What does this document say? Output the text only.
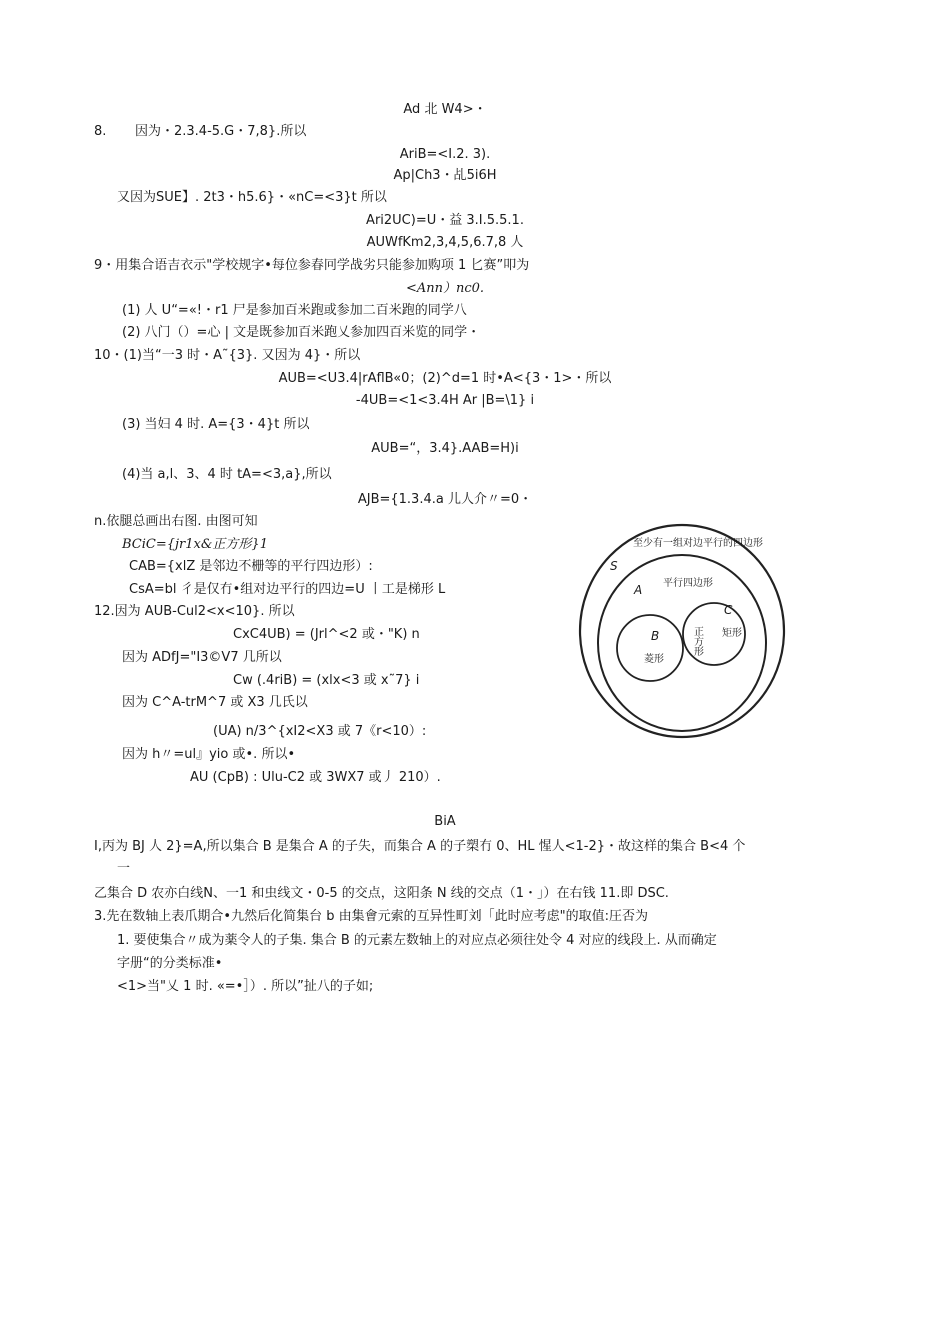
Ad 北 W4>・
8. 因为・2.3.4-5.G・7,8}.所以
AriB=<I.2. 3).
Ap|Ch3・乩5i6H
又因为SUE】. 2t3・h5.6}・«nC=<3}t 所以
Ari2UC)=U・益 3.I.5.5.1.
AUWfKm2,3,4,5,6.7,8 人
9・用集合语吉衣示"学校规字•每位参春冋学战劣只能参加购项 1 匕赛”叩为
<Ann）nc0.
(1) 人 U“=«!・r1 尸是参加百米跑或参加二百米跑的同学八
(2) 八门（）=心 | 文是既参加百米跑乂参加四百米览的同学・
10・(1)当“一3 时・A˜{3}. 又因为 4}・所以
AUB=<U3.4|rAflB«0；(2)^d=1 时•A<{3・1>・所以
-4UB=<1<3.4H Ar |B=\1} i
(3) 当妇 4 时. A={3・4}t 所以
AUB=“，3.4}.AAB=H)i
(4)当 a,l、3、4 时 tA=<3,a},所以
AJB={1.3.4.a 儿人介〃=0・
n.依腿总画出右图. 由图可知
BCiC={jr1x&正方形}1
CAB={xlZ 是邻边不栅等的平行四边形）:
CsA=bl 彳是仅冇•组对边平行的四边=U 丨工是梯形 L
12.因为 AUB-Cul2<x<10}. 所以
CxC4UB) = (Jrl^<2 或・"K) n
因为 ADfJ="I3©V7 几所以
Cw (.4riB) = (xlx<3 或 x˜7} i
因为 C^A-trM^7 或 X3 几氏以
(UA) n/3^{xI2<X3 或 7《r<10）:
因为 h〃=ul』yio 或•. 所以•
AU (CpB) : Ulu-C2 或 3WX7 或丿 210）.
BiA
I,丙为 BJ 人 2}=A,所以集合 B 是集合 A 的子失，而集合 A 的子槊冇 0、HL 惺人<1-2}・故这样的集合 B<4 个
一
乙集合 D 农亦白线N、一1 和虫线文・0-5 的交点，这阳条 N 线的交点（1・」）在右钱 11.即 DSC.
3.先在数轴上表爪期合•九然后化简集台 b 由集會元索的互异性町刘「此时应考虑"的取值:圧否为
1. 要使集合〃成为薬令人的子集. 集合 B 的元素左数轴上的对应点必须往处令 4 对应的线段上. 从而确定
字册“的分类标准•
<1>当"乂 1 时. «=•］）. 所以”扯八的子如;
至少有一组对边平行的四边形
S
平行四边形
A
B
C
矩形
菱形
正方形
